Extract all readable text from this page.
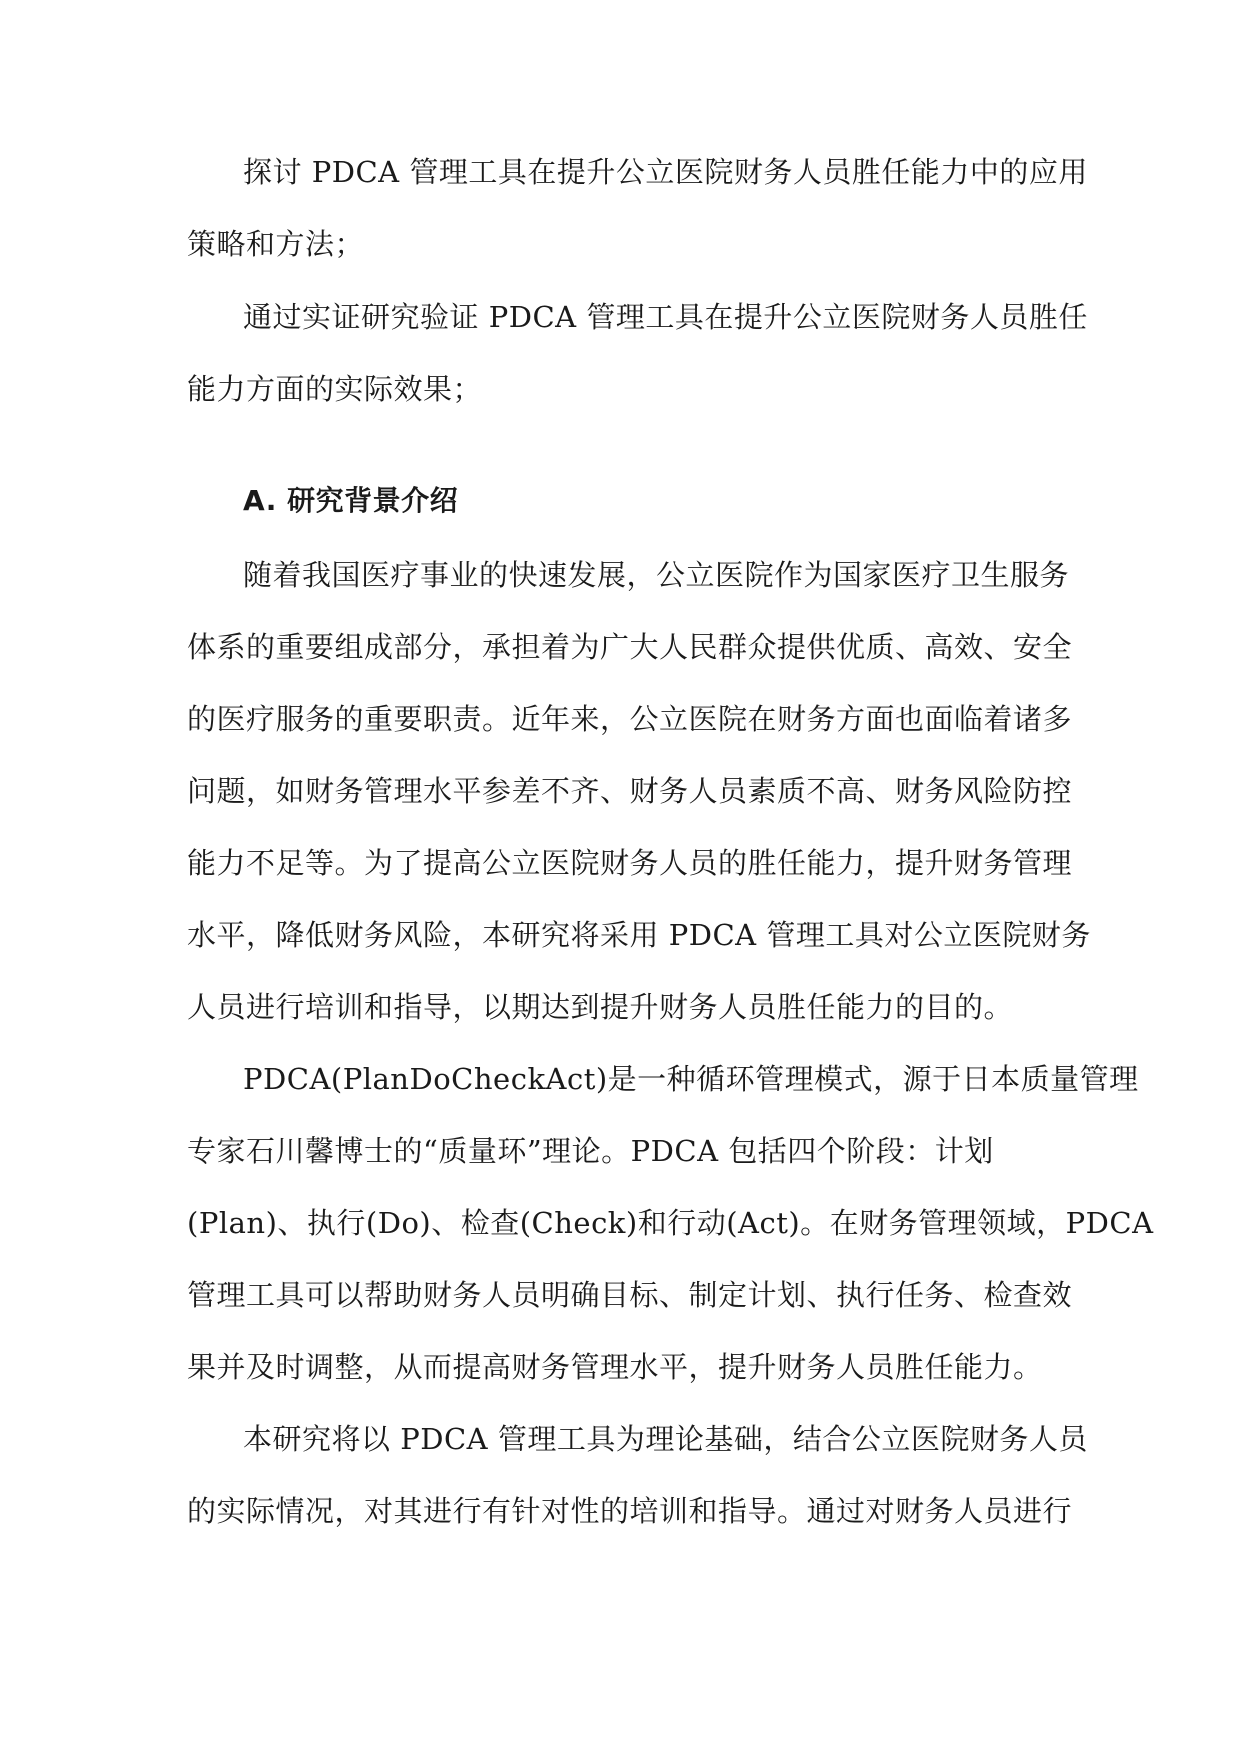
探讨 PDCA 管理工具在提升公立医院财务人员胜任能力中的应用
策略和方法；
通过实证研究验证 PDCA 管理工具在提升公立医院财务人员胜任
能力方面的实际效果；
A. 研究背景介绍
随着我国医疗事业的快速发展，公立医院作为国家医疗卫生服务
体系的重要组成部分，承担着为广大人民群众提供优质、高效、安全
的医疗服务的重要职责。近年来，公立医院在财务方面也面临着诸多
问题，如财务管理水平参差不齐、财务人员素质不高、财务风险防控
能力不足等。为了提高公立医院财务人员的胜任能力，提升财务管理
水平，降低财务风险，本研究将采用 PDCA 管理工具对公立医院财务
人员进行培训和指导，以期达到提升财务人员胜任能力的目的。
PDCA(PlanDoCheckAct)是一种循环管理模式，源于日本质量管理
专家石川馨博士的“质量环”理论。PDCA 包括四个阶段：计划
(Plan)、执行(Do)、检查(Check)和行动(Act)。在财务管理领域，PDCA
管理工具可以帮助财务人员明确目标、制定计划、执行任务、检查效
果并及时调整，从而提高财务管理水平，提升财务人员胜任能力。
本研究将以 PDCA 管理工具为理论基础，结合公立医院财务人员
的实际情况，对其进行有针对性的培训和指导。通过对财务人员进行
